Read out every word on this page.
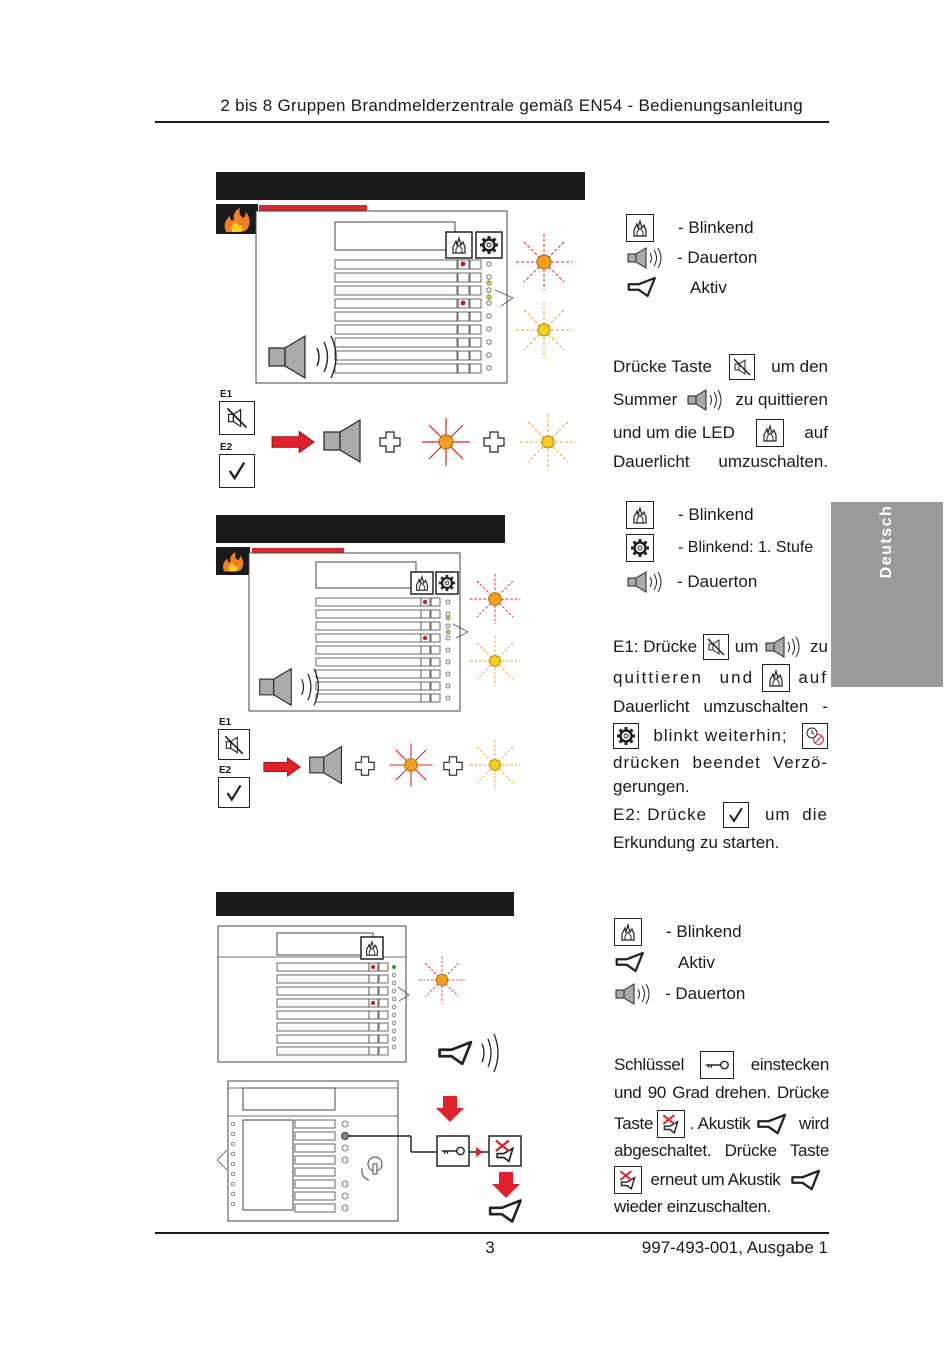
2 bis 8 Gruppen Brandmelderzentrale gemäß EN54 - Bedienungsanleitung
Deutsch
E1
E2
- Blinkend
- Dauerton
Aktiv
Drücke Taste	um den
Summer	zu quittieren
und um die LED	auf
Dauerlicht umzuschalten.
E1
E2
- Blinkend
- Blinkend: 1. Stufe
- Dauerton
E1: Drücke um	zu
quittieren und	auf
Dauerlicht umzuschalten -
blinkt weiterhin;
drücken beendet Verzö-
gerungen.
E2: Drücke	um die
Erkundung zu starten.
- Blinkend
Aktiv
- Dauerton
Schlüssel	einstecken
und 90 Grad drehen. Drücke
Taste . Akustik	wird
abgeschaltet. Drücke Taste
erneut um Akustik
wieder einzuschalten.
3	997-493-001, Ausgabe 1
